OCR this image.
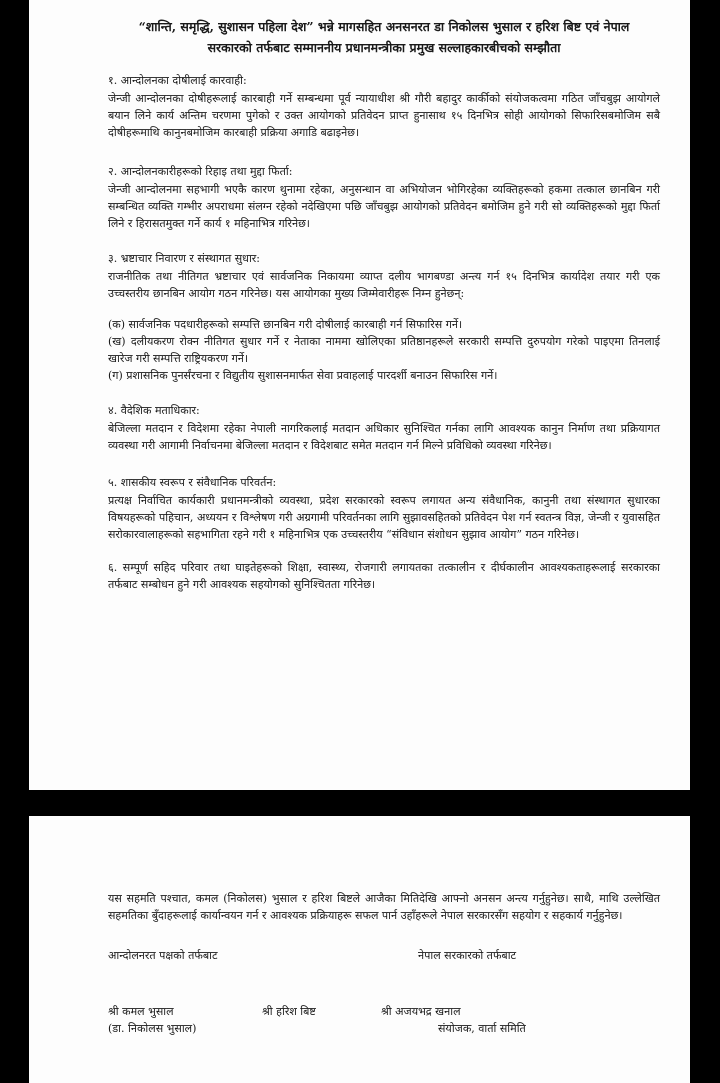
“शान्ति, समृद्धि, सुशासन पहिला देश” भन्ने मागसहित अनसनरत डा निकोलस भुसाल र हरिश बिष्ट एवं नेपाल
सरकारको तर्फबाट सम्माननीय प्रधानमन्त्रीका प्रमुख सल्लाहकारबीचको सम्झौता
१. आन्दोलनका दोषीलाई कारवाही:

जेन्जी आन्दोलनका दोषीहरूलाई कारबाही गर्ने सम्बन्धमा पूर्व न्यायाधीश श्री गौरी बहादुर कार्कीको संयोजकत्वमा गठित जाँचबुझ आयोगले बयान लिने कार्य अन्तिम चरणमा पुगेको र उक्त आयोगको प्रतिवेदन प्राप्त हुनासाथ १५ दिनभित्र सोही आयोगको सिफारिसबमोजिम सबै दोषीहरूमाथि कानुनबमोजिम कारबाही प्रक्रिया अगाडि बढाइनेछ।

२. आन्दोलनकारीहरूको रिहाइ तथा मुद्दा फिर्ता:

जेन्जी आन्दोलनमा सहभागी भएकै कारण थुनामा रहेका, अनुसन्धान वा अभियोजन भोगिरहेका व्यक्तिहरूको हकमा तत्काल छानबिन गरी सम्बन्धित व्यक्ति गम्भीर अपराधमा संलग्न रहेको नदेखिएमा पछि जाँचबुझ आयोगको प्रतिवेदन बमोजिम हुने गरी सो व्यक्तिहरूको मुद्दा फिर्ता लिने र हिरासतमुक्त गर्ने कार्य १ महिनाभित्र गरिनेछ।

३. भ्रष्टाचार निवारण र संस्थागत सुधार:

राजनीतिक तथा नीतिगत भ्रष्टाचार एवं सार्वजनिक निकायमा व्याप्त दलीय भागबण्डा अन्त्य गर्न १५ दिनभित्र कार्यादेश तयार गरी एक उच्चस्तरीय छानबिन आयोग गठन गरिनेछ। यस आयोगका मुख्य जिम्मेवारीहरू निम्न हुनेछन्:

(क) सार्वजनिक पदधारीहरूको सम्पत्ति छानबिन गरी दोषीलाई कारबाही गर्न सिफारिस गर्ने।
(ख) दलीयकरण रोक्न नीतिगत सुधार गर्ने र नेताका नाममा खोलिएका प्रतिष्ठानहरूले सरकारी सम्पत्ति दुरुपयोग गरेको पाइएमा तिनलाई खारेज गरी सम्पत्ति राष्ट्रियकरण गर्ने।
(ग) प्रशासनिक पुनर्संरचना र विद्युतीय सुशासनमार्फत सेवा प्रवाहलाई पारदर्शी बनाउन सिफारिस गर्ने।
४. वैदेशिक मताधिकार:

बेजिल्ला मतदान र विदेशमा रहेका नेपाली नागरिकलाई मतदान अधिकार सुनिश्चित गर्नका लागि आवश्यक कानुन निर्माण तथा प्रक्रियागत व्यवस्था गरी आगामी निर्वाचनमा बेजिल्ला मतदान र विदेशबाट समेत मतदान गर्न मिल्ने प्रविधिको व्यवस्था गरिनेछ।

५. शासकीय स्वरूप र संवैधानिक परिवर्तन:

प्रत्यक्ष निर्वाचित कार्यकारी प्रधानमन्त्रीको व्यवस्था, प्रदेश सरकारको स्वरूप लगायत अन्य संवैधानिक, कानुनी तथा संस्थागत सुधारका विषयहरूको पहिचान, अध्ययन र विश्लेषण गरी अग्रगामी परिवर्तनका लागि सुझावसहितको प्रतिवेदन पेश गर्न स्वतन्त्र विज्ञ, जेन्जी र युवासहित सरोकारवालाहरूको सहभागिता रहने गरी १ महिनाभित्र एक उच्चस्तरीय “संविधान संशोधन सुझाव आयोग” गठन गरिनेछ।

६. सम्पूर्ण सहिद परिवार तथा घाइतेहरूको शिक्षा, स्वास्थ्य, रोजगारी लगायतका तत्कालीन र दीर्घकालीन आवश्यकताहरूलाई सरकारका तर्फबाट सम्बोधन हुने गरी आवश्यक सहयोगको सुनिश्चितता गरिनेछ।

यस सहमति पश्चात, कमल (निकोलस) भुसाल र हरिश बिष्टले आजैका मितिदेखि आफ्नो अनसन अन्त्य गर्नुहुनेछ। साथै, माथि उल्लेखित सहमतिका बुँदाहरूलाई कार्यान्वयन गर्न र आवश्यक प्रक्रियाहरू सफल पार्न उहाँहरूले नेपाल सरकारसँग सहयोग र सहकार्य गर्नुहुनेछ।

आन्दोलनरत पक्षको तर्फबाट	नेपाल सरकारको तर्फबाट
श्री कमल भुसाल
(डा. निकोलस भुसाल)
श्री हरिश बिष्ट	श्री अजयभद्र खनाल
संयोजक, वार्ता समिति
